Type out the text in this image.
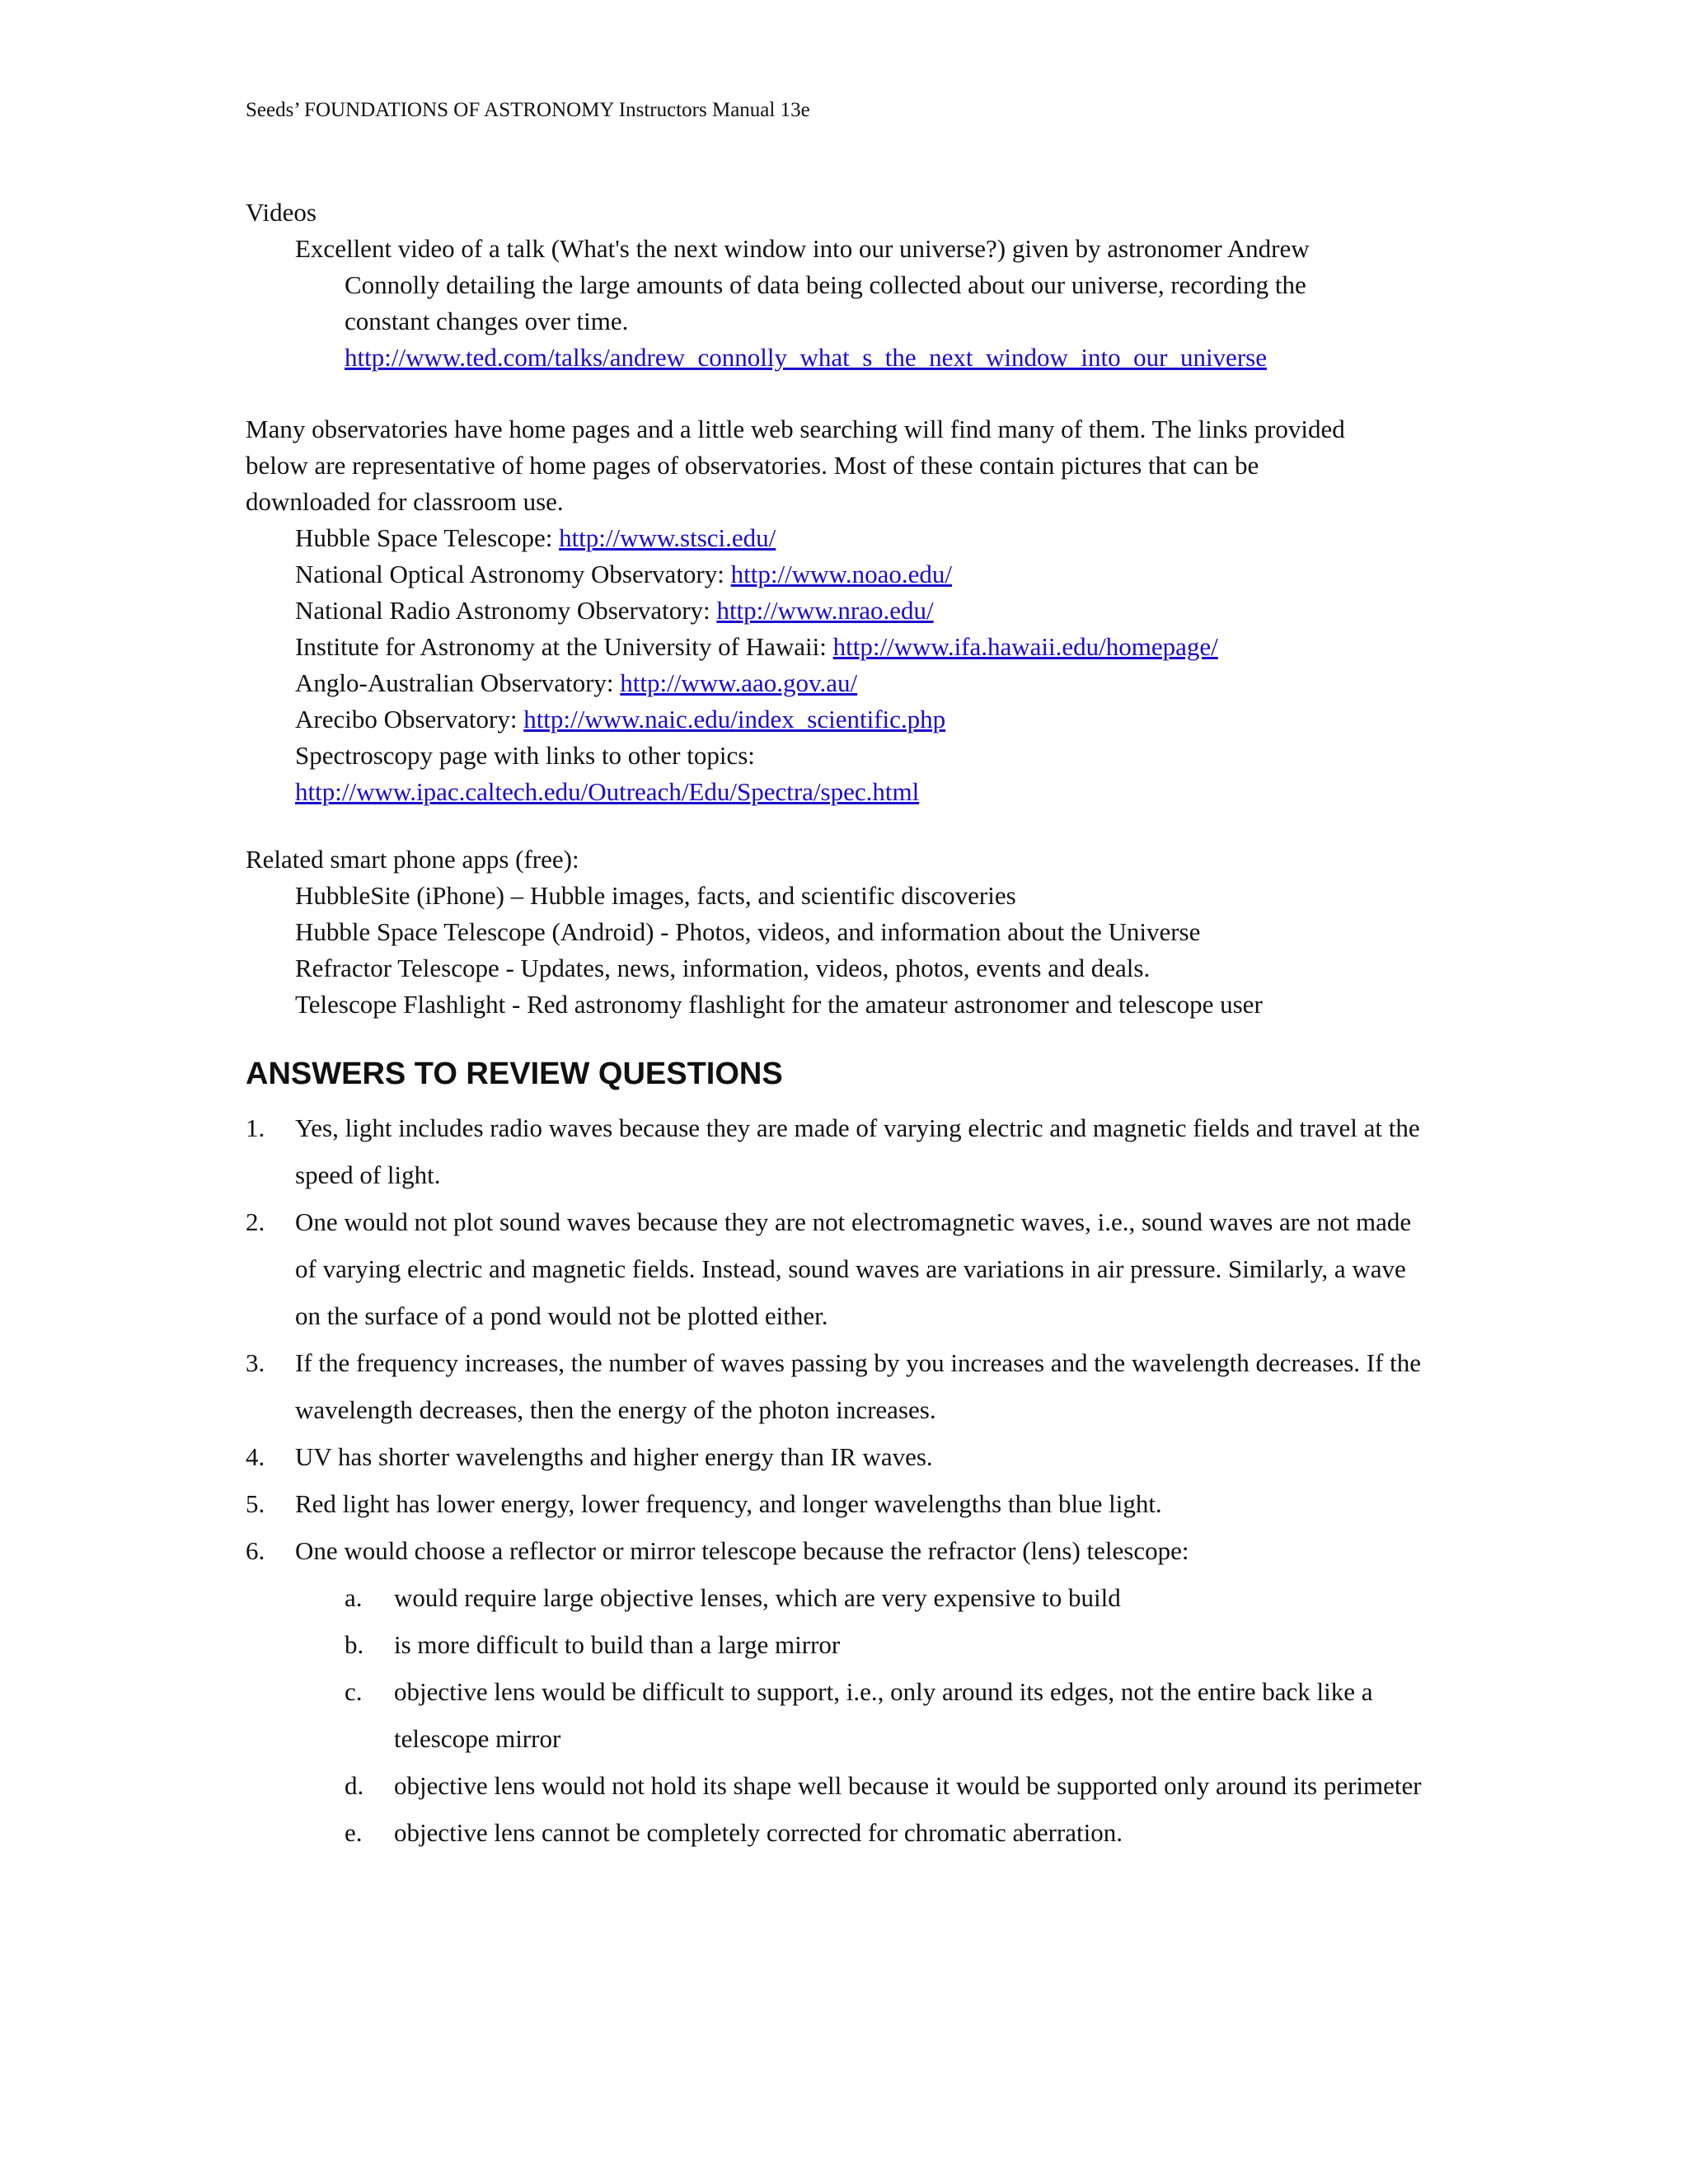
Seeds’ FOUNDATIONS OF ASTRONOMY Instructors Manual 13e
Videos
Excellent video of a talk (What's the next window into our universe?) given by astronomer Andrew
Connolly detailing the large amounts of data being collected about our universe, recording the
constant changes over time.
http://www.ted.com/talks/andrew_connolly_what_s_the_next_window_into_our_universe
Many observatories have home pages and a little web searching will find many of them. The links provided
below are representative of home pages of observatories. Most of these contain pictures that can be
downloaded for classroom use.
Hubble Space Telescope: http://www.stsci.edu/
National Optical Astronomy Observatory: http://www.noao.edu/
National Radio Astronomy Observatory: http://www.nrao.edu/
Institute for Astronomy at the University of Hawaii: http://www.ifa.hawaii.edu/homepage/
Anglo-Australian Observatory: http://www.aao.gov.au/
Arecibo Observatory: http://www.naic.edu/index_scientific.php
Spectroscopy page with links to other topics:
http://www.ipac.caltech.edu/Outreach/Edu/Spectra/spec.html
Related smart phone apps (free):
HubbleSite (iPhone) – Hubble images, facts, and scientific discoveries
Hubble Space Telescope (Android) - Photos, videos, and information about the Universe
Refractor Telescope - Updates, news, information, videos, photos, events and deals.
Telescope Flashlight - Red astronomy flashlight for the amateur astronomer and telescope user
ANSWERS TO REVIEW QUESTIONS
1. Yes, light includes radio waves because they are made of varying electric and magnetic fields and travel at the speed of light.
2. One would not plot sound waves because they are not electromagnetic waves, i.e., sound waves are not made of varying electric and magnetic fields. Instead, sound waves are variations in air pressure. Similarly, a wave on the surface of a pond would not be plotted either.
3. If the frequency increases, the number of waves passing by you increases and the wavelength decreases. If the wavelength decreases, then the energy of the photon increases.
4. UV has shorter wavelengths and higher energy than IR waves.
5. Red light has lower energy, lower frequency, and longer wavelengths than blue light.
6. One would choose a reflector or mirror telescope because the refractor (lens) telescope:
a. would require large objective lenses, which are very expensive to build
b. is more difficult to build than a large mirror
c. objective lens would be difficult to support, i.e., only around its edges, not the entire back like a telescope mirror
d. objective lens would not hold its shape well because it would be supported only around its perimeter
e. objective lens cannot be completely corrected for chromatic aberration.
